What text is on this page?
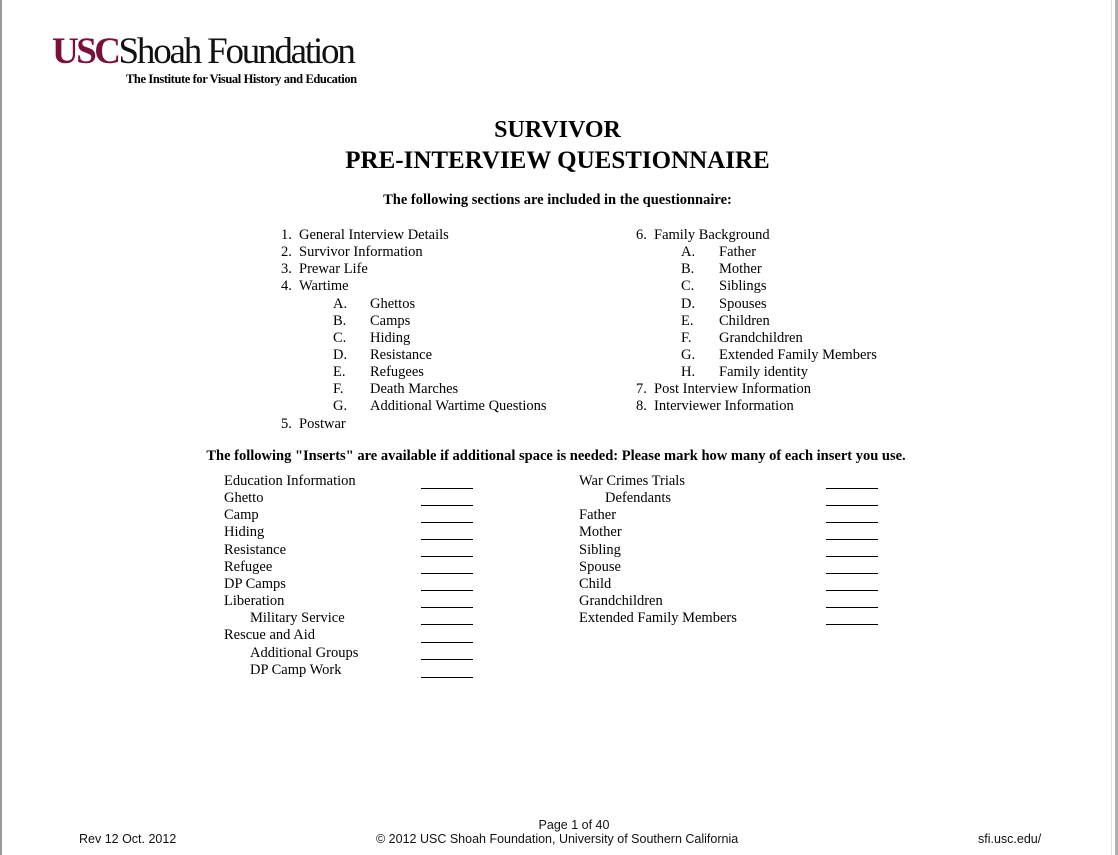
USCShoah Foundation
The Institute for Visual History and Education
SURVIVOR
PRE-INTERVIEW QUESTIONNAIRE
The following sections are included in the questionnaire:
1. General Interview Details
2. Survivor Information
3. Prewar Life
4. Wartime
A. Ghettos
B. Camps
C. Hiding
D. Resistance
E. Refugees
F. Death Marches
G. Additional Wartime Questions
5. Postwar
6. Family Background
A. Father
B. Mother
C. Siblings
D. Spouses
E. Children
F. Grandchildren
G. Extended Family Members
H. Family identity
7. Post Interview Information
8. Interviewer Information
The following "Inserts" are available if additional space is needed: Please mark how many of each insert you use.
Education Information
Ghetto
Camp
Hiding
Resistance
Refugee
DP Camps
Liberation
Military Service
Rescue and Aid
Additional Groups
DP Camp Work
War Crimes Trials
Defendants
Father
Mother
Sibling
Spouse
Child
Grandchildren
Extended Family Members
Page 1 of 40
Rev 12 Oct. 2012	© 2012 USC Shoah Foundation, University of Southern California	sfi.usc.edu/
